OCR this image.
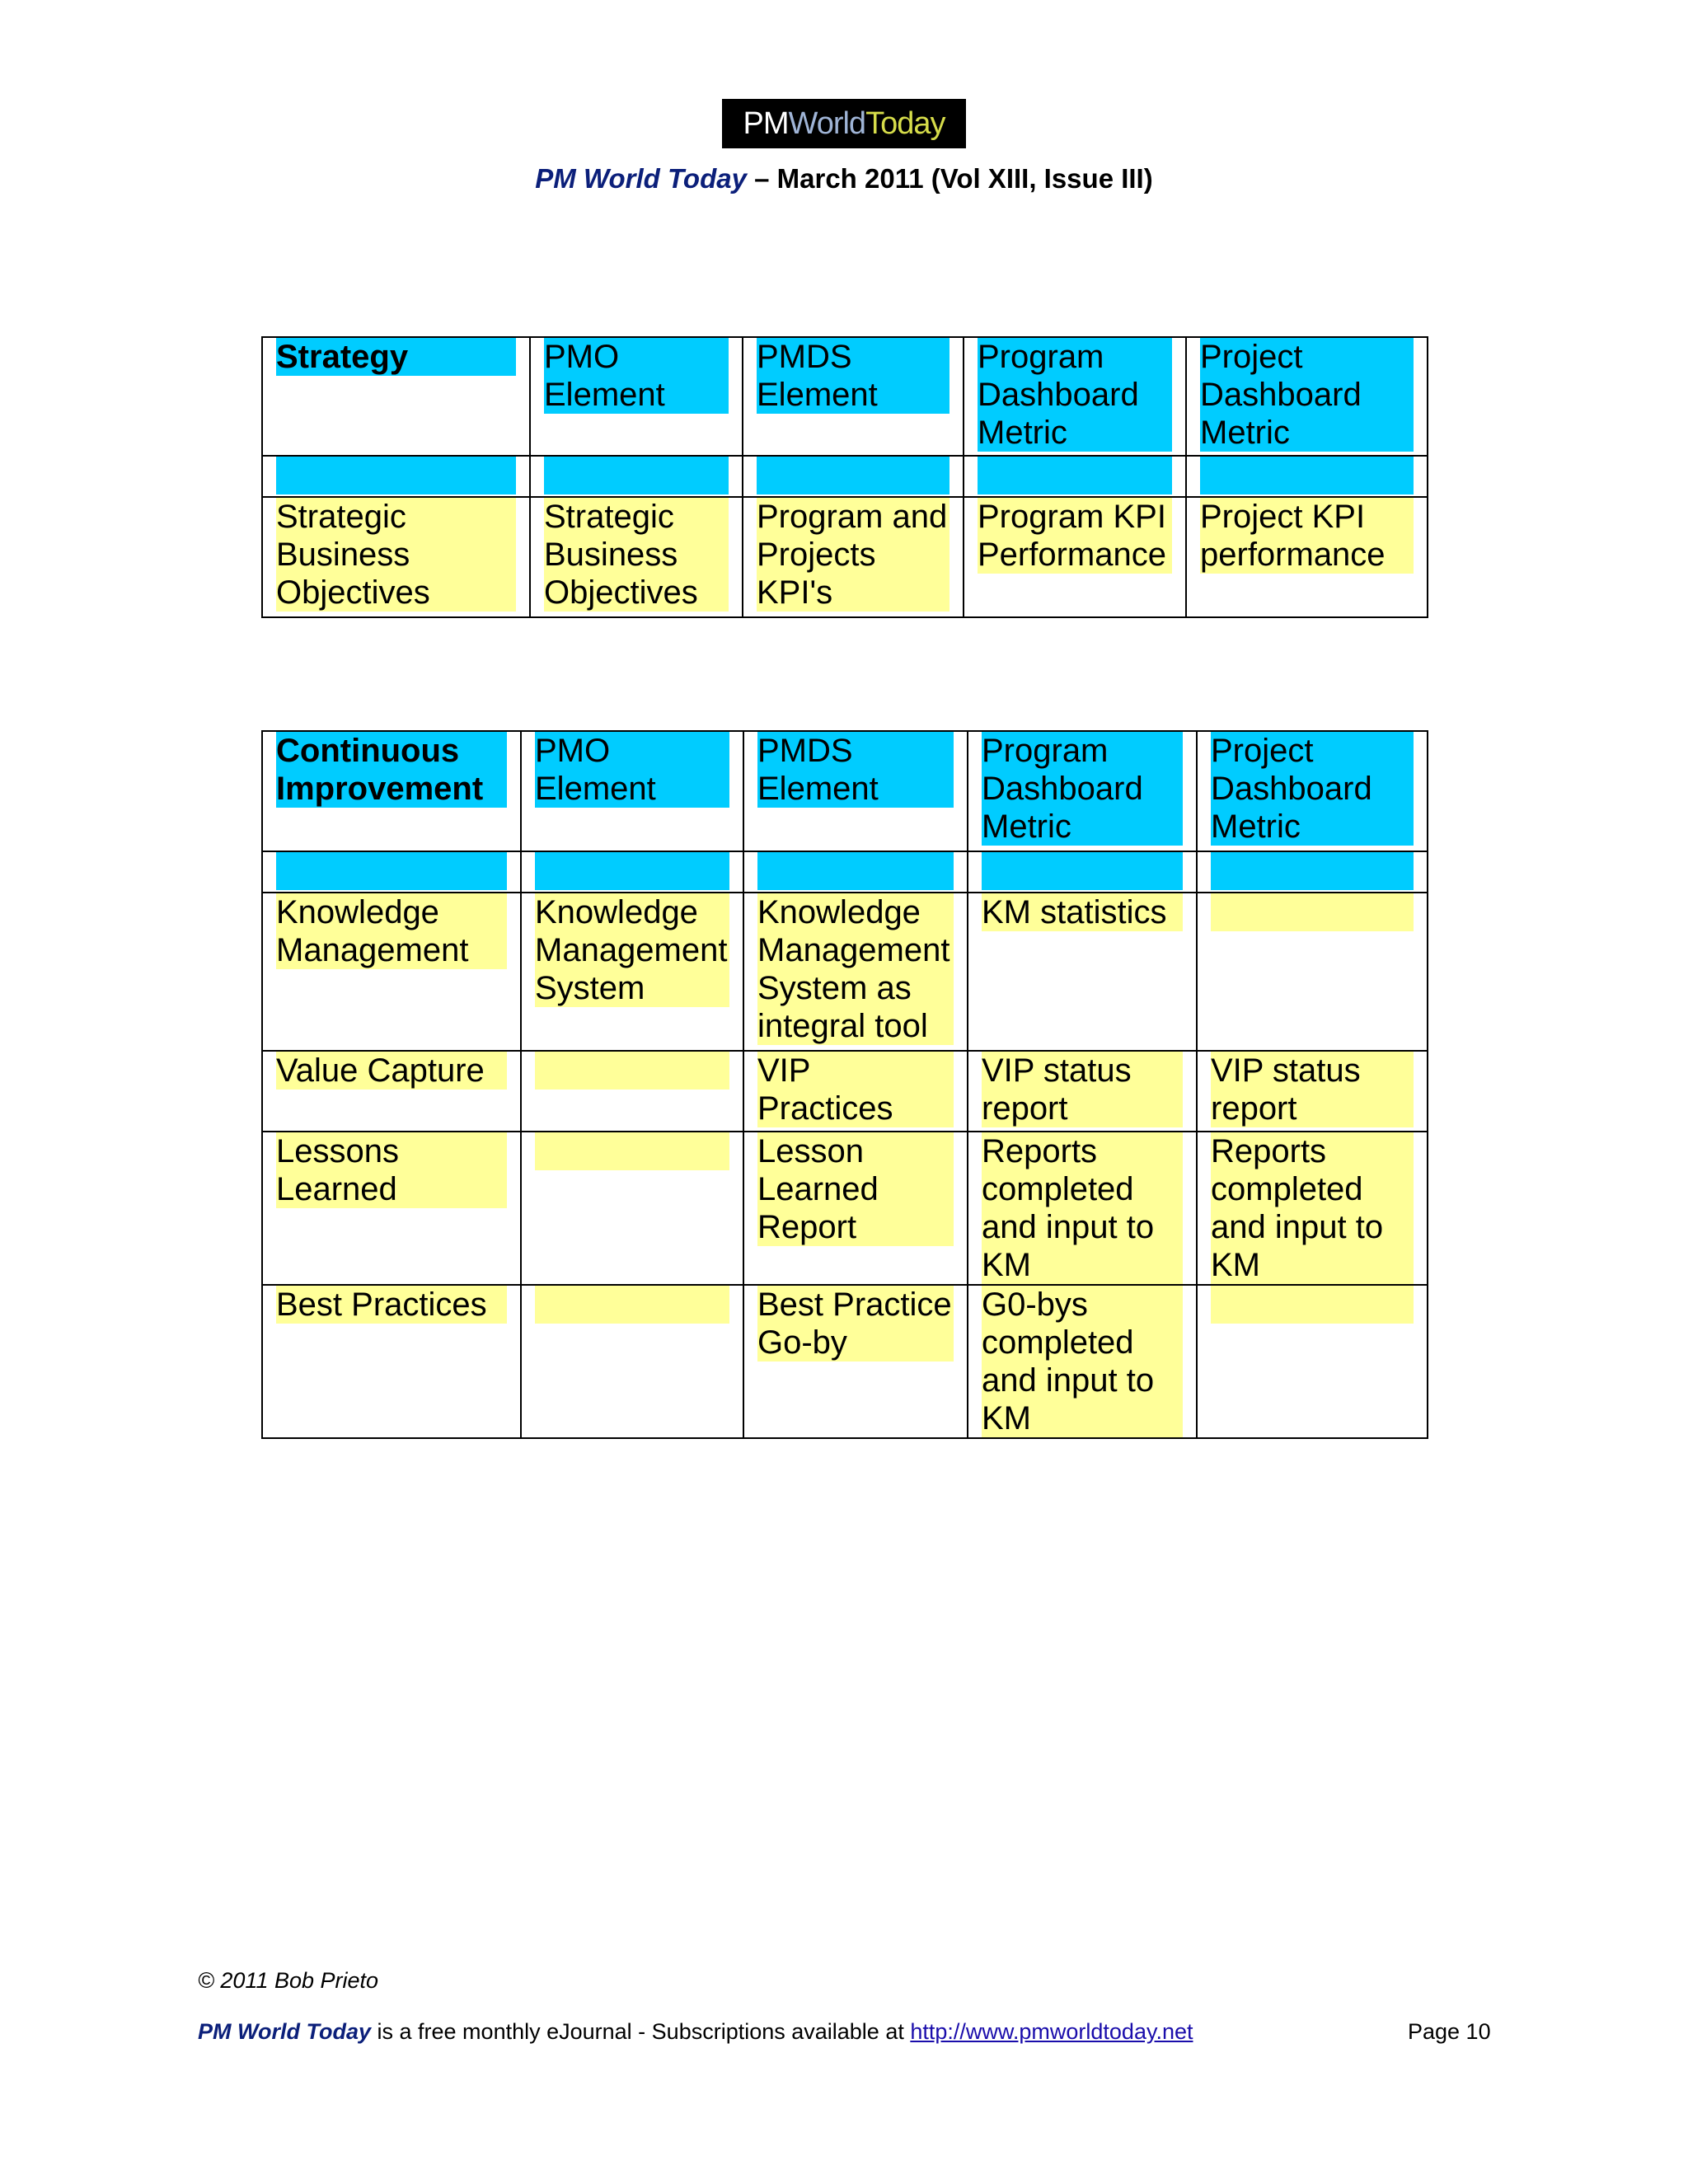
PM World Today
PM World Today – March 2011 (Vol XIII, Issue III)
Strategy	PMO Element	PMDS Element	Program Dashboard Metric	Project Dashboard Metric

Strategic Business Objectives	Strategic Business Objectives	Program and Projects KPI's	Program KPI Performance	Project KPI performance
Continuous Improvement	PMO Element	PMDS Element	Program Dashboard Metric	Project Dashboard Metric

Knowledge Management	Knowledge Management System	Knowledge Management System as integral tool	KM statistics	

Value Capture		VIP Practices	VIP status report	VIP status report

Lessons Learned		Lesson Learned Report	Reports completed and input to KM	Reports completed and input to KM

Best Practices		Best Practice Go-by	G0-bys completed and input to KM	

© 2011 Bob Prieto
PM World Today is a free monthly eJournal - Subscriptions available at http://www.pmworldtoday.net	Page 10
